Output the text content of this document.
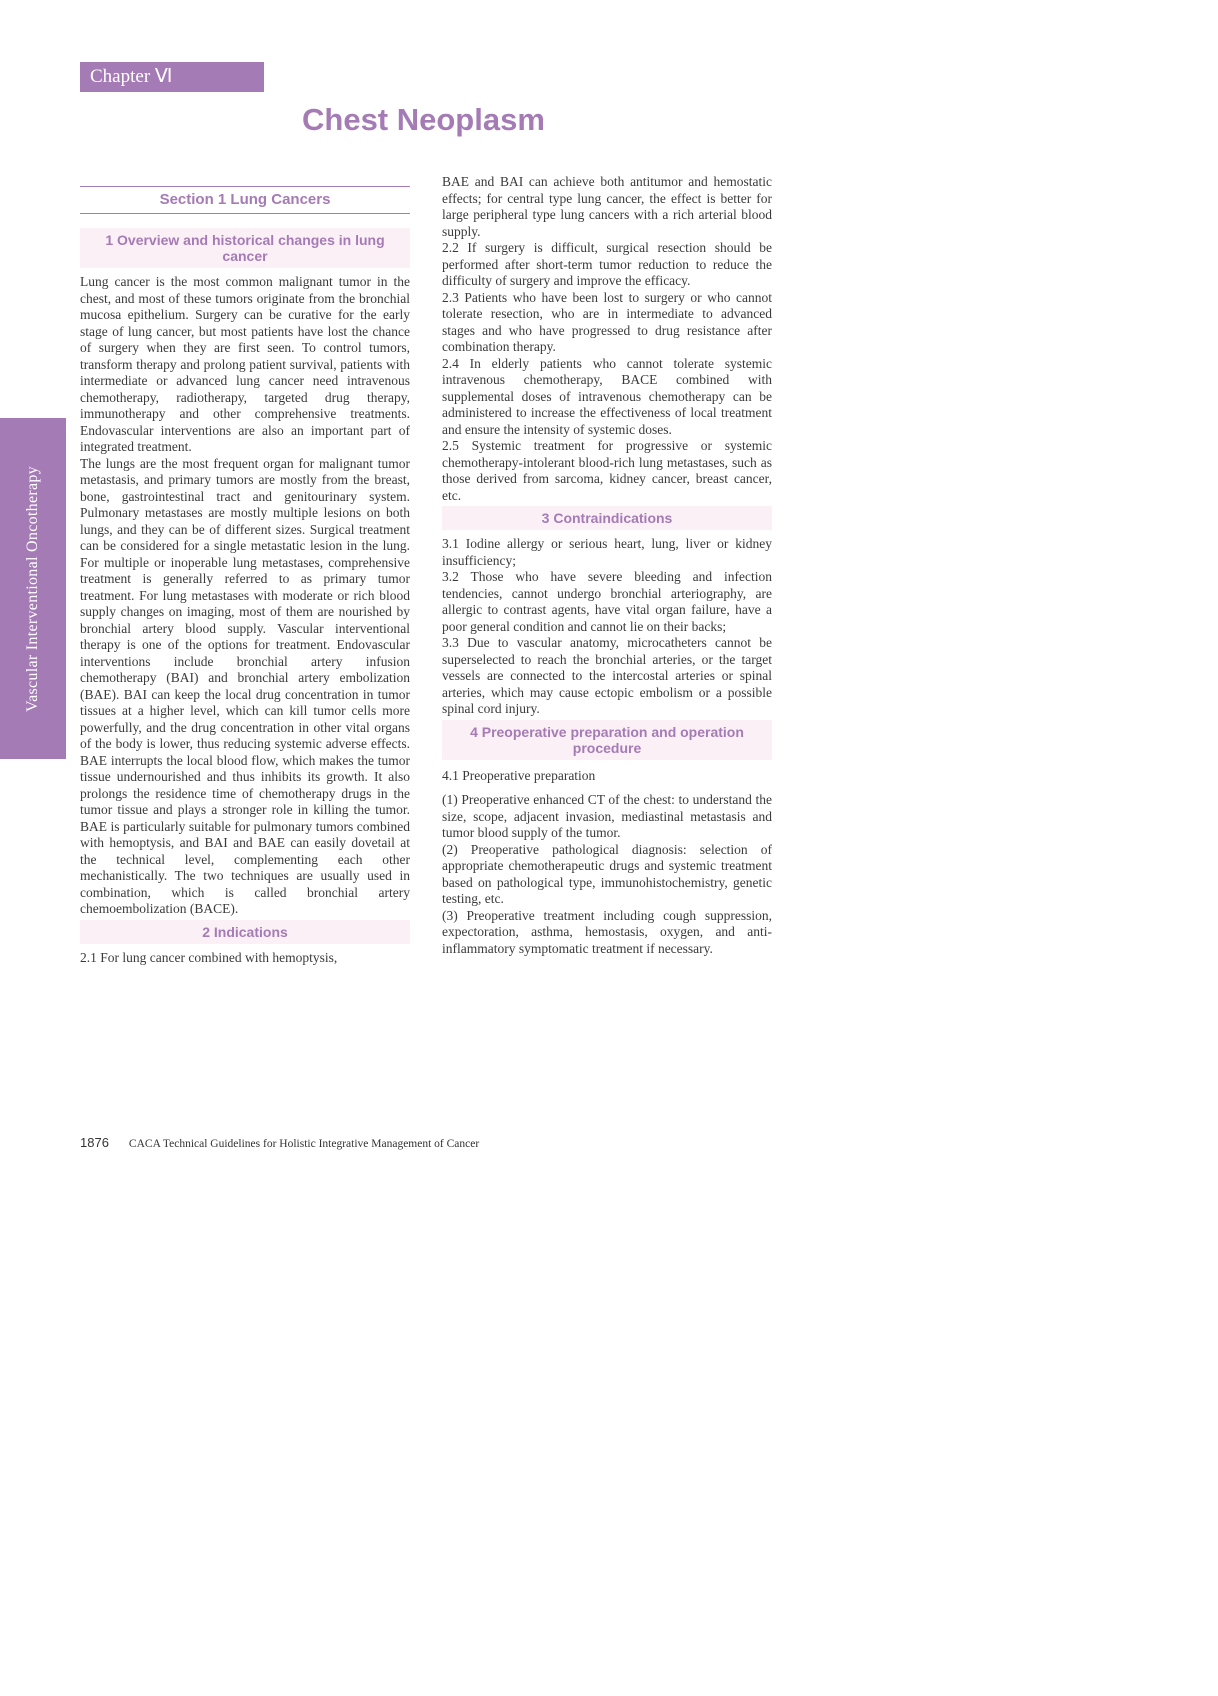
Chapter Ⅵ
Chest Neoplasm
Vascular Interventional Oncotherapy
Section 1 Lung Cancers
1 Overview and historical changes in lung cancer

Lung cancer is the most common malignant tumor in the chest, and most of these tumors originate from the bronchial mucosa epithelium. Surgery can be curative for the early stage of lung cancer, but most patients have lost the chance of surgery when they are first seen. To control tumors, transform therapy and prolong patient survival, patients with intermediate or advanced lung cancer need intravenous chemotherapy, radiotherapy, targeted drug therapy, immunotherapy and other comprehensive treatments. Endovascular interventions are also an important part of integrated treatment.

The lungs are the most frequent organ for malignant tumor metastasis, and primary tumors are mostly from the breast, bone, gastrointestinal tract and genitourinary system. Pulmonary metastases are mostly multiple lesions on both lungs, and they can be of different sizes. Surgical treatment can be considered for a single metastatic lesion in the lung. For multiple or inoperable lung metastases, comprehensive treatment is generally referred to as primary tumor treatment. For lung metastases with moderate or rich blood supply changes on imaging, most of them are nourished by bronchial artery blood supply. Vascular interventional therapy is one of the options for treatment. Endovascular interventions include bronchial artery infusion chemotherapy (BAI) and bronchial artery embolization (BAE). BAI can keep the local drug concentration in tumor tissues at a higher level, which can kill tumor cells more powerfully, and the drug concentration in other vital organs of the body is lower, thus reducing systemic adverse effects. BAE interrupts the local blood flow, which makes the tumor tissue undernourished and thus inhibits its growth. It also prolongs the residence time of chemotherapy drugs in the tumor tissue and plays a stronger role in killing the tumor. BAE is particularly suitable for pulmonary tumors combined with hemoptysis, and BAI and BAE can easily dovetail at the technical level, complementing each other mechanistically. The two techniques are usually used in combination, which is called bronchial artery chemoembolization (BACE).

2 Indications

2.1 For lung cancer combined with hemoptysis,

BAE and BAI can achieve both antitumor and hemostatic effects; for central type lung cancer, the effect is better for large peripheral type lung cancers with a rich arterial blood supply.

2.2 If surgery is difficult, surgical resection should be performed after short-term tumor reduction to reduce the difficulty of surgery and improve the efficacy.

2.3 Patients who have been lost to surgery or who cannot tolerate resection, who are in intermediate to advanced stages and who have progressed to drug resistance after combination therapy.

2.4 In elderly patients who cannot tolerate systemic intravenous chemotherapy, BACE combined with supplemental doses of intravenous chemotherapy can be administered to increase the effectiveness of local treatment and ensure the intensity of systemic doses.

2.5 Systemic treatment for progressive or systemic chemotherapy-intolerant blood-rich lung metastases, such as those derived from sarcoma, kidney cancer, breast cancer, etc.

3 Contraindications

3.1 Iodine allergy or serious heart, lung, liver or kidney insufficiency;

3.2 Those who have severe bleeding and infection tendencies, cannot undergo bronchial arteriography, are allergic to contrast agents, have vital organ failure, have a poor general condition and cannot lie on their backs;

3.3 Due to vascular anatomy, microcatheters cannot be superselected to reach the bronchial arteries, or the target vessels are connected to the intercostal arteries or spinal arteries, which may cause ectopic embolism or a possible spinal cord injury.

4 Preoperative preparation and operation procedure

4.1 Preoperative preparation

(1) Preoperative enhanced CT of the chest: to understand the size, scope, adjacent invasion, mediastinal metastasis and tumor blood supply of the tumor.

(2) Preoperative pathological diagnosis: selection of appropriate chemotherapeutic drugs and systemic treatment based on pathological type, immunohistochemistry, genetic testing, etc.

(3) Preoperative treatment including cough suppression, expectoration, asthma, hemostasis, oxygen, and anti-inflammatory symptomatic treatment if necessary.

1876 CACA Technical Guidelines for Holistic Integrative Management of Cancer
